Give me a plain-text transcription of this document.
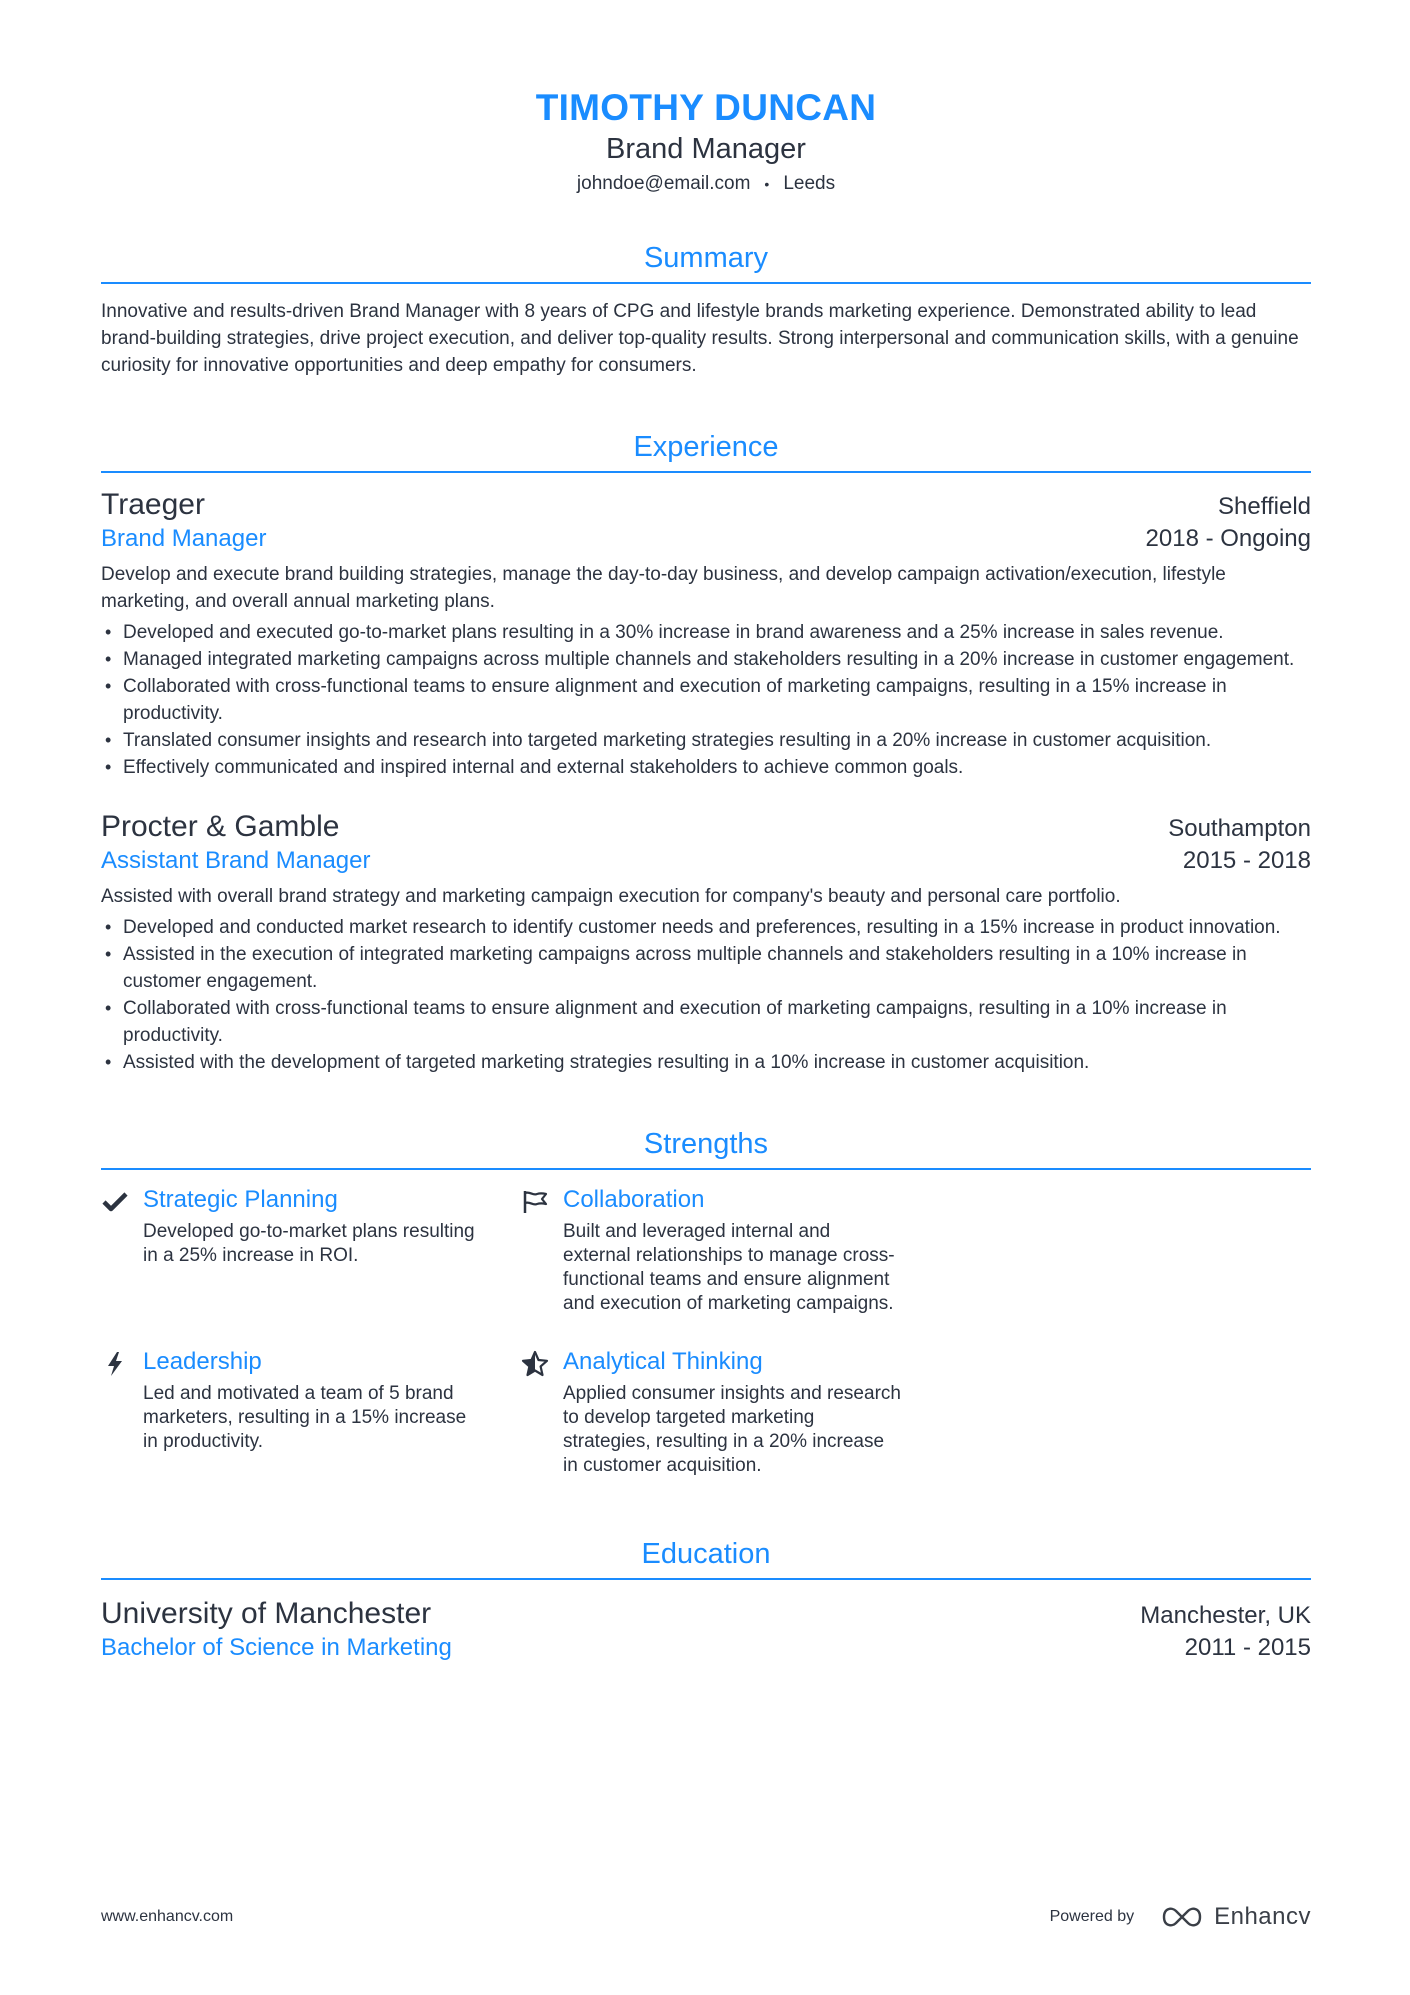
TIMOTHY DUNCAN
Brand Manager
johndoe@email.com • Leeds
Summary
Innovative and results-driven Brand Manager with 8 years of CPG and lifestyle brands marketing experience. Demonstrated ability to lead brand-building strategies, drive project execution, and deliver top-quality results. Strong interpersonal and communication skills, with a genuine curiosity for innovative opportunities and deep empathy for consumers.
Experience
Traeger	Sheffield
Brand Manager	2018 - Ongoing
Develop and execute brand building strategies, manage the day-to-day business, and develop campaign activation/execution, lifestyle marketing, and overall annual marketing plans.
• Developed and executed go-to-market plans resulting in a 30% increase in brand awareness and a 25% increase in sales revenue.
• Managed integrated marketing campaigns across multiple channels and stakeholders resulting in a 20% increase in customer engagement.
• Collaborated with cross-functional teams to ensure alignment and execution of marketing campaigns, resulting in a 15% increase in productivity.
• Translated consumer insights and research into targeted marketing strategies resulting in a 20% increase in customer acquisition.
• Effectively communicated and inspired internal and external stakeholders to achieve common goals.
Procter & Gamble	Southampton
Assistant Brand Manager	2015 - 2018
Assisted with overall brand strategy and marketing campaign execution for company's beauty and personal care portfolio.
• Developed and conducted market research to identify customer needs and preferences, resulting in a 15% increase in product innovation.
• Assisted in the execution of integrated marketing campaigns across multiple channels and stakeholders resulting in a 10% increase in customer engagement.
• Collaborated with cross-functional teams to ensure alignment and execution of marketing campaigns, resulting in a 10% increase in productivity.
• Assisted with the development of targeted marketing strategies resulting in a 10% increase in customer acquisition.
Strengths
Strategic Planning
Developed go-to-market plans resulting in a 25% increase in ROI.
Collaboration
Built and leveraged internal and external relationships to manage cross-functional teams and ensure alignment and execution of marketing campaigns.
Leadership
Led and motivated a team of 5 brand marketers, resulting in a 15% increase in productivity.
Analytical Thinking
Applied consumer insights and research to develop targeted marketing strategies, resulting in a 20% increase in customer acquisition.
Education
University of Manchester	Manchester, UK
Bachelor of Science in Marketing	2011 - 2015
www.enhancv.com	Powered by	Enhancv
